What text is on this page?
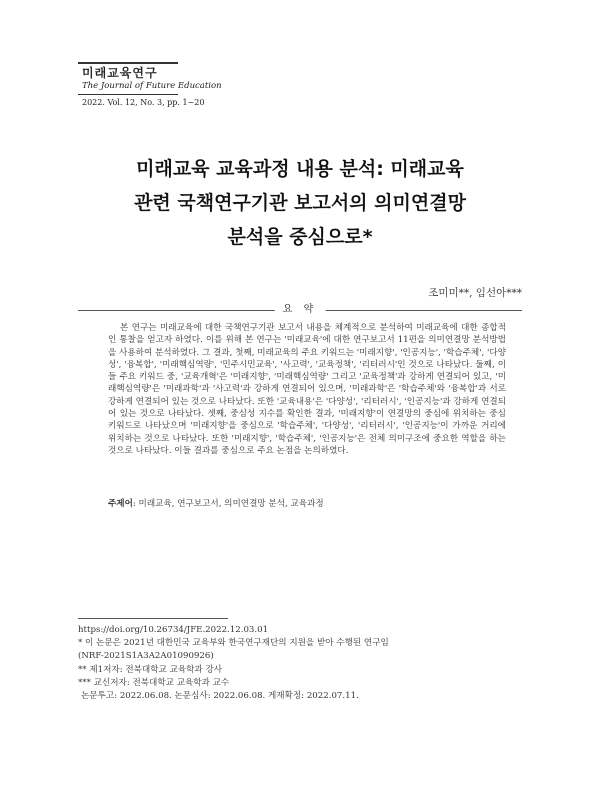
미래교육연구
The Journal of Future Education
2022. Vol. 12, No. 3, pp. 1~20
미래교육 교육과정 내용 분석: 미래교육
관련 국책연구기관 보고서의 의미연결망
분석을 중심으로*
조미미**, 임선아***
요 약
본 연구는 미래교육에 대한 국책연구기관 보고서 내용을 체계적으로 분석하여 미래교육에 대한 종합적인 통찰을 얻고자 하였다. 이를 위해 본 연구는 '미래교육'에 대한 연구보고서 11편을 의미연결망 분석방법을 사용하여 분석하였다. 그 결과, 첫째, 미래교육의 주요 키워드는 '미래지향', '인공지능', '학습주체', '다양성', '융복합', '미래핵심역량', '민주시민교육', '사고력', '교육정책', '리터러시'인 것으로 나타났다. 둘째, 이들 주요 키워드 중, '교육개혁'은 '미래지향', '미래핵심역량' 그리고 '교육정책'과 강하게 연결되어 있고, '미래핵심역량'은 '미래과학'과 '사고력'과 강하게 연결되어 있으며, '미래과학'은 '학습주체'와 '융복합'과 서로 강하게 연결되어 있는 것으로 나타났다. 또한 '교육내용'은 '다양성', '리터러시', '인공지능'과 강하게 연결되어 있는 것으로 나타났다. 셋째, 중심성 지수를 확인한 결과, '미래지향'이 연결망의 중심에 위치하는 중심 키워드로 나타났으며 '미래지향'을 중심으로 '학습주체', '다양성', '리터러시', '인공지능'이 가까운 거리에 위치하는 것으로 나타났다. 또한 '미래지향', '학습주체', '인공지능'은 전체 의미구조에 중요한 역할을 하는 것으로 나타났다. 이들 결과를 중심으로 주요 논점을 논의하였다.
주제어: 미래교육, 연구보고서, 의미연결망 분석, 교육과정
https://doi.org/10.26734/JFE.2022.12.03.01
* 이 논문은 2021년 대한민국 교육부와 한국연구재단의 지원을 받아 수행된 연구임
(NRF-2021S1A3A2A01090926)
** 제1저자: 전북대학교 교육학과 강사
*** 교신저자: 전북대학교 교육학과 교수
논문투고: 2022.06.08. 논문심사: 2022.06.08. 게재확정: 2022.07.11.
